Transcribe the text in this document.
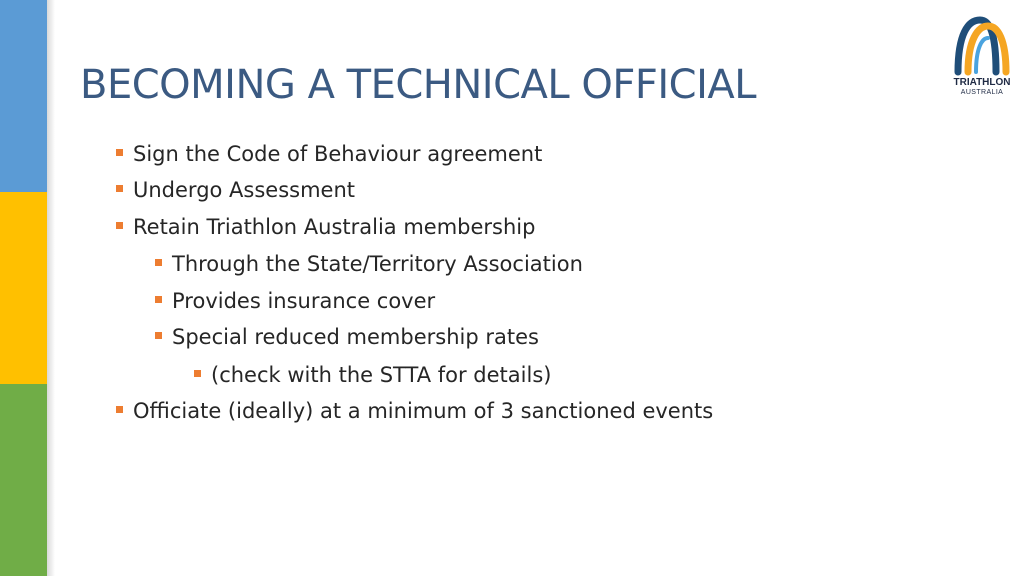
BECOMING A TECHNICAL OFFICIAL	TRIATHLON
AUSTRALIA
Sign the Code of Behaviour agreement
Undergo Assessment
Retain Triathlon Australia membership
Through the State/Territory Association
Provides insurance cover
Special reduced membership rates
(check with the STTA for details)
Officiate (ideally) at a minimum of 3 sanctioned events
